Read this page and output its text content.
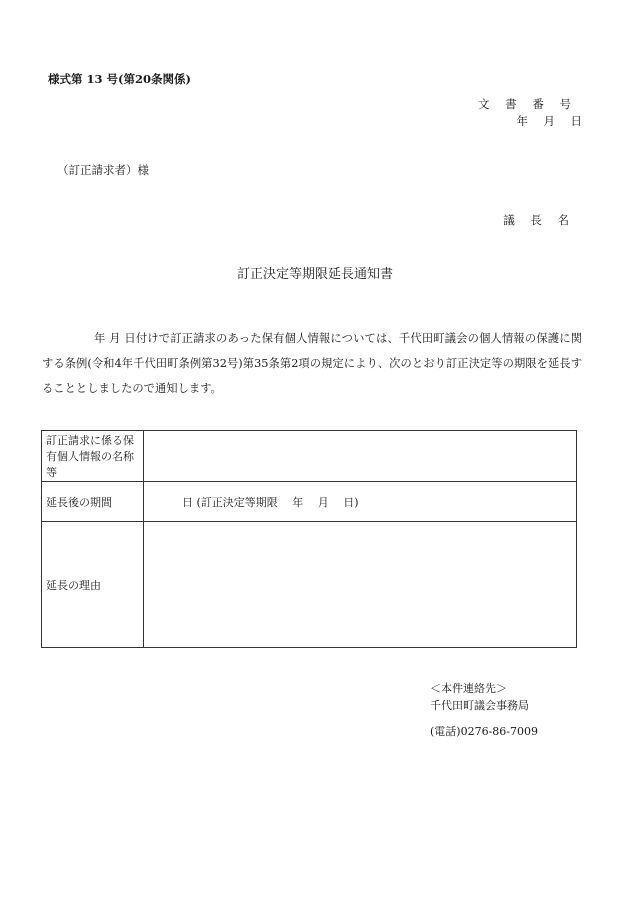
様式第 13 号(第20条関係)
文 書 番 号
年　月　日
（訂正請求者）様
議 長 名
訂正決定等期限延長通知書

年 月 日付けで訂正請求のあった保有個人情報については、千代田町議会の個人情報の保護に関する条例(令和4年千代田町条例第32号)第35条第2項の規定により、次のとおり訂正決定等の期限を延長することとしましたので通知します。

訂正請求に係る保有個人情報の名称等	
延長後の期間	日 (訂正決定等期限　 年　 月　 日)
延長の理由	
＜本件連絡先＞
千代田町議会事務局
(電話)0276-86-7009
